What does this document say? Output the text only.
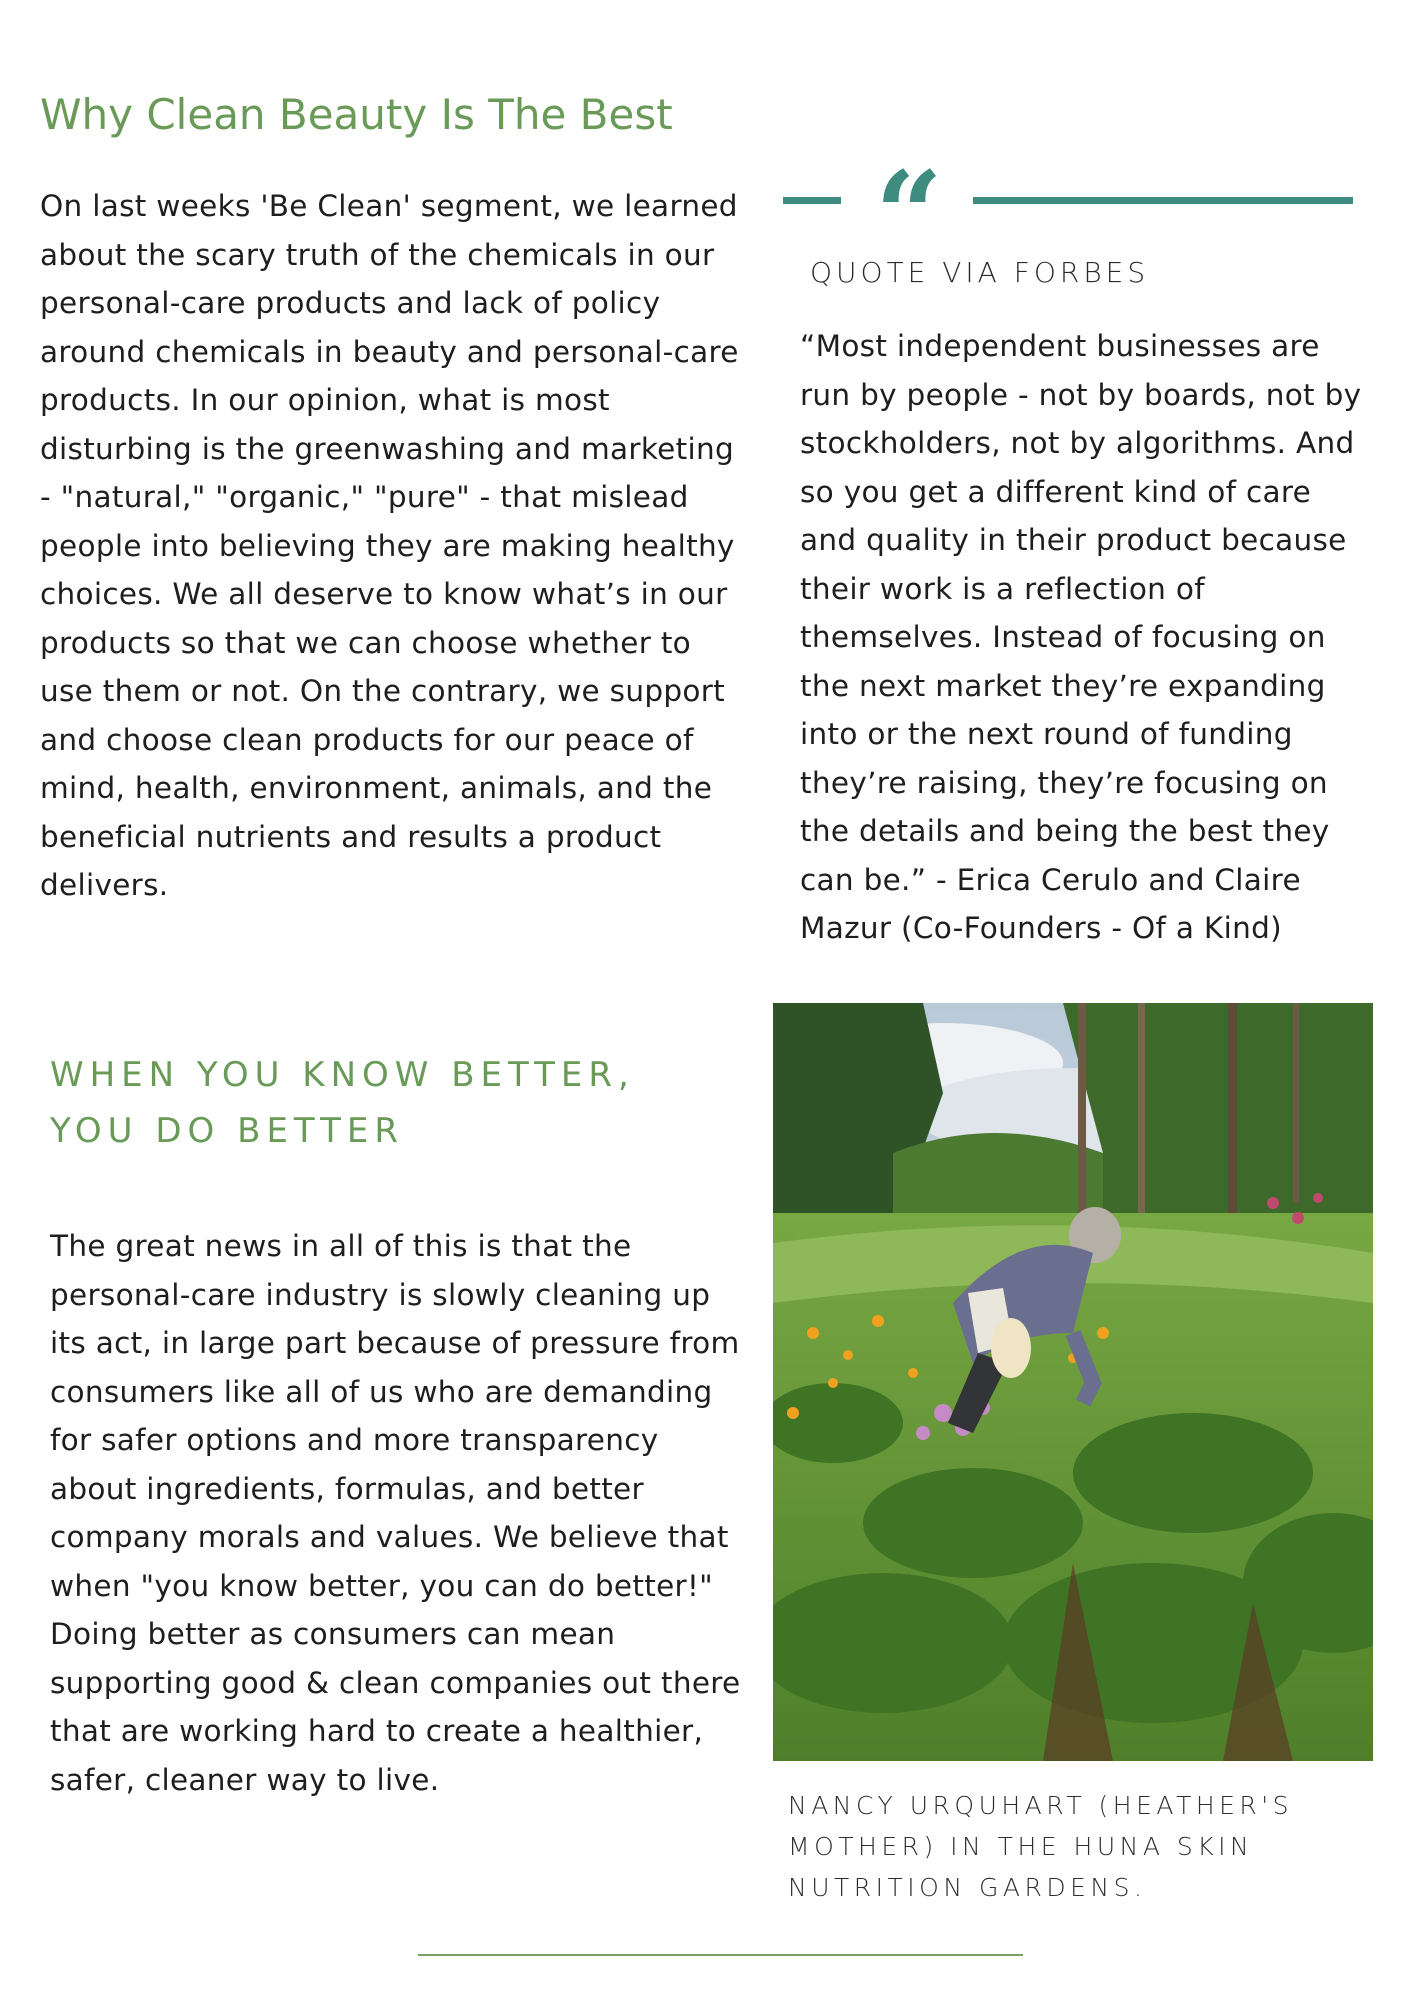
Why Clean Beauty Is The Best

On last weeks 'Be Clean' segment, we learned about the scary truth of the chemicals in our personal-care products and lack of policy around chemicals in beauty and personal-care products. In our opinion, what is most disturbing is the greenwashing and marketing - "natural," "organic," "pure" - that mislead people into believing they are making healthy choices. We all deserve to know what’s in our products so that we can choose whether to use them or not. On the contrary, we support and choose clean products for our peace of mind, health, environment, animals, and the beneficial nutrients and results a product delivers.

“
QUOTE VIA FORBES

“Most independent businesses are run by people - not by boards, not by stockholders, not by algorithms. And so you get a different kind of care and quality in their product because their work is a reflection of themselves. Instead of focusing on the next market they’re expanding into or the next round of funding they’re raising, they’re focusing on the details and being the best they can be.” - Erica Cerulo and Claire Mazur (Co-Founders - Of a Kind)

WHEN YOU KNOW BETTER, YOU DO BETTER

The great news in all of this is that the personal-care industry is slowly cleaning up its act, in large part because of pressure from consumers like all of us who are demanding for safer options and more transparency about ingredients, formulas, and better company morals and values. We believe that when "you know better, you can do better!" Doing better as consumers can mean supporting good & clean companies out there that are working hard to create a healthier, safer, cleaner way to live.

NANCY URQUHART (HEATHER'S MOTHER) IN THE HUNA SKIN NUTRITION GARDENS.
